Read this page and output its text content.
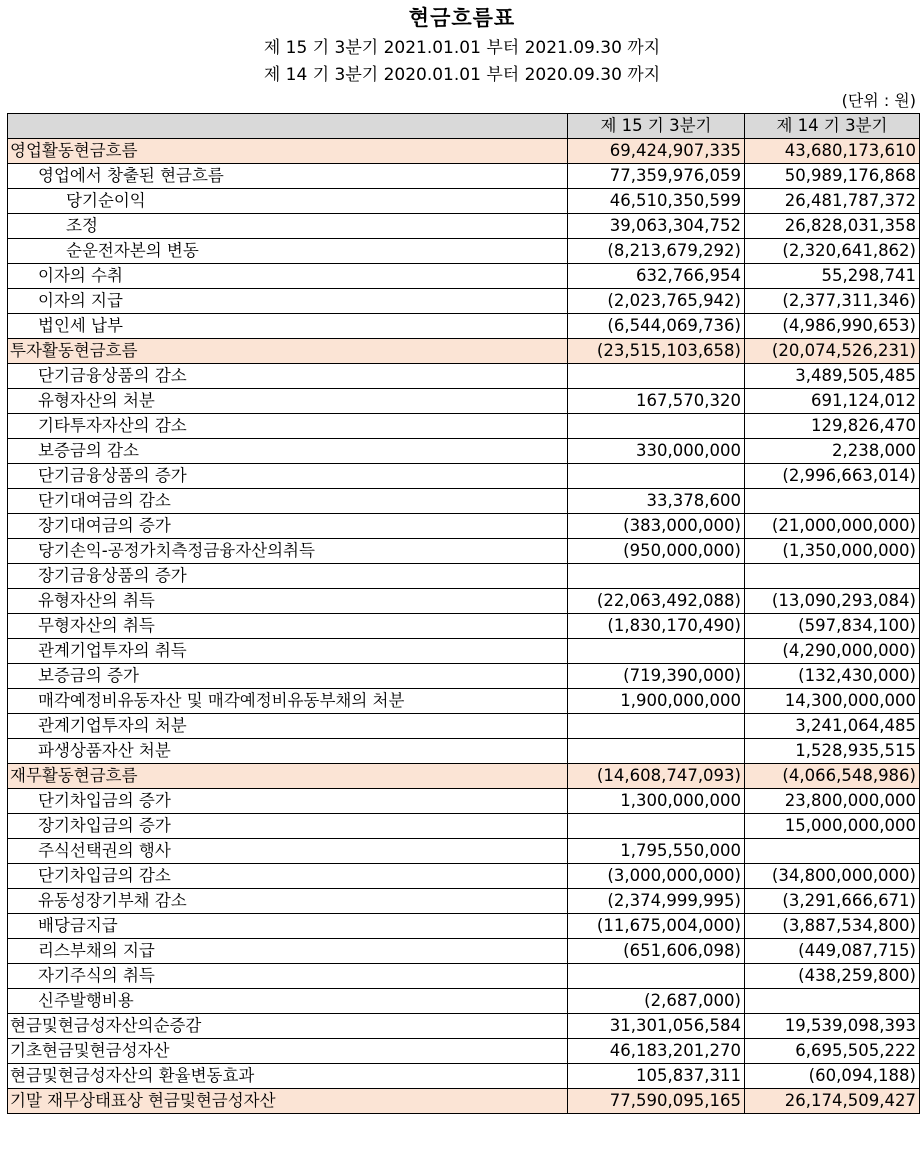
현금흐름표
제 15 기 3분기 2021.01.01 부터 2021.09.30 까지
제 14 기 3분기 2020.01.01 부터 2020.09.30 까지
(단위 : 원)
	제 15 기 3분기	제 14 기 3분기
영업활동현금흐름	69,424,907,335	43,680,173,610
영업에서 창출된 현금흐름	77,359,976,059	50,989,176,868
당기순이익	46,510,350,599	26,481,787,372
조정	39,063,304,752	26,828,031,358
순운전자본의 변동	(8,213,679,292)	(2,320,641,862)
이자의 수취	632,766,954	55,298,741
이자의 지급	(2,023,765,942)	(2,377,311,346)
법인세 납부	(6,544,069,736)	(4,986,990,653)
투자활동현금흐름	(23,515,103,658)	(20,074,526,231)
단기금융상품의 감소		3,489,505,485
유형자산의 처분	167,570,320	691,124,012
기타투자자산의 감소		129,826,470
보증금의 감소	330,000,000	2,238,000
단기금융상품의 증가		(2,996,663,014)
단기대여금의 감소	33,378,600	
장기대여금의 증가	(383,000,000)	(21,000,000,000)
당기손익-공정가치측정금융자산의취득	(950,000,000)	(1,350,000,000)
장기금융상품의 증가		
유형자산의 취득	(22,063,492,088)	(13,090,293,084)
무형자산의 취득	(1,830,170,490)	(597,834,100)
관계기업투자의 취득		(4,290,000,000)
보증금의 증가	(719,390,000)	(132,430,000)
매각예정비유동자산 및 매각예정비유동부채의 처분	1,900,000,000	14,300,000,000
관계기업투자의 처분		3,241,064,485
파생상품자산 처분		1,528,935,515
재무활동현금흐름	(14,608,747,093)	(4,066,548,986)
단기차입금의 증가	1,300,000,000	23,800,000,000
장기차입금의 증가		15,000,000,000
주식선택권의 행사	1,795,550,000	
단기차입금의 감소	(3,000,000,000)	(34,800,000,000)
유동성장기부채 감소	(2,374,999,995)	(3,291,666,671)
배당금지급	(11,675,004,000)	(3,887,534,800)
리스부채의 지급	(651,606,098)	(449,087,715)
자기주식의 취득		(438,259,800)
신주발행비용	(2,687,000)	
현금및현금성자산의순증감	31,301,056,584	19,539,098,393
기초현금및현금성자산	46,183,201,270	6,695,505,222
현금및현금성자산의 환율변동효과	105,837,311	(60,094,188)
기말 재무상태표상 현금및현금성자산	77,590,095,165	26,174,509,427
